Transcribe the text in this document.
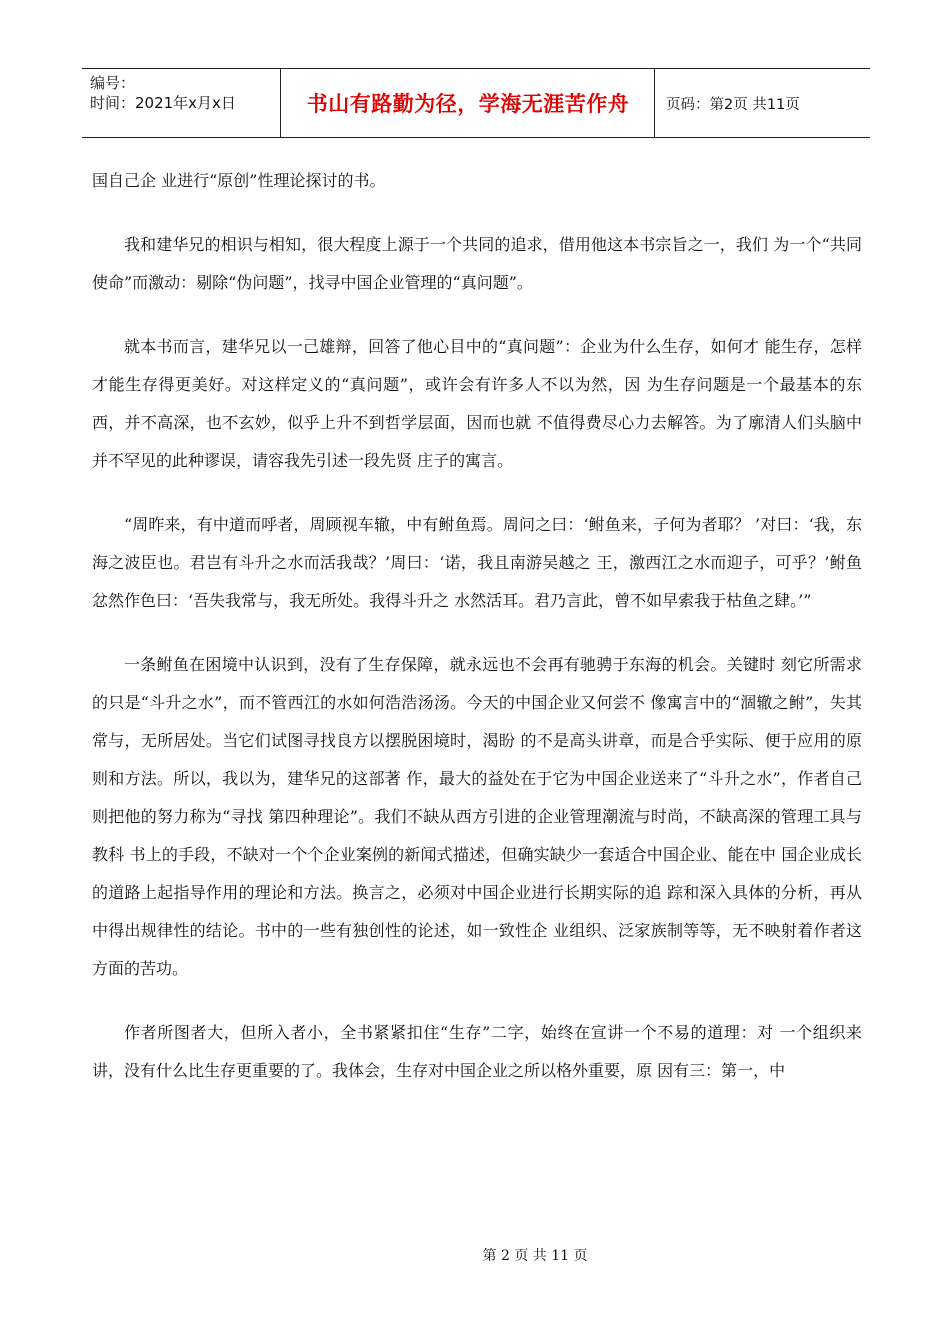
编号：
时间：2021年x月x日	书山有路勤为径，学海无涯苦作舟	页码：第2页 共11页

国自己企 业进行“原创”性理论探讨的书。

我和建华兄的相识与相知，很大程度上源于一个共同的追求，借用他这本书宗旨之一，我们 为一个“共同使命”而激动：剔除“伪问题”，找寻中国企业管理的“真问题”。

就本书而言，建华兄以一己雄辩，回答了他心目中的“真问题”：企业为什么生存，如何才 能生存，怎样才能生存得更美好。对这样定义的“真问题”，或许会有许多人不以为然，因 为生存问题是一个最基本的东西，并不高深，也不玄妙，似乎上升不到哲学层面，因而也就 不值得费尽心力去解答。为了廓清人们头脑中并不罕见的此种谬误，请容我先引述一段先贤 庄子的寓言。

“周昨来，有中道而呼者，周顾视车辙，中有鲋鱼焉。周问之曰：‘鲋鱼来，子何为者耶？ ’对曰：‘我，东海之波臣也。君岂有斗升之水而活我哉？’周曰：‘诺，我且南游吴越之 王，激西江之水而迎子，可乎？’鲋鱼忿然作色曰：‘吾失我常与，我无所处。我得斗升之 水然活耳。君乃言此，曾不如早索我于枯鱼之肆。’”

一条鲋鱼在困境中认识到，没有了生存保障，就永远也不会再有驰骋于东海的机会。关键时 刻它所需求的只是“斗升之水”，而不管西江的水如何浩浩汤汤。今天的中国企业又何尝不 像寓言中的“涸辙之鲋”，失其常与，无所居处。当它们试图寻找良方以摆脱困境时，渴盼 的不是高头讲章，而是合乎实际、便于应用的原则和方法。所以，我以为，建华兄的这部著 作，最大的益处在于它为中国企业送来了“斗升之水”，作者自己则把他的努力称为“寻找 第四种理论”。我们不缺从西方引进的企业管理潮流与时尚，不缺高深的管理工具与教科 书上的手段，不缺对一个个企业案例的新闻式描述，但确实缺少一套适合中国企业、能在中 国企业成长的道路上起指导作用的理论和方法。换言之，必须对中国企业进行长期实际的追 踪和深入具体的分析，再从中得出规律性的结论。书中的一些有独创性的论述，如一致性企 业组织、泛家族制等等，无不映射着作者这方面的苦功。

作者所图者大，但所入者小，全书紧紧扣住“生存”二字，始终在宣讲一个不易的道理：对 一个组织来讲，没有什么比生存更重要的了。我体会，生存对中国企业之所以格外重要，原 因有三：第一，中

第 2 页 共 11 页
